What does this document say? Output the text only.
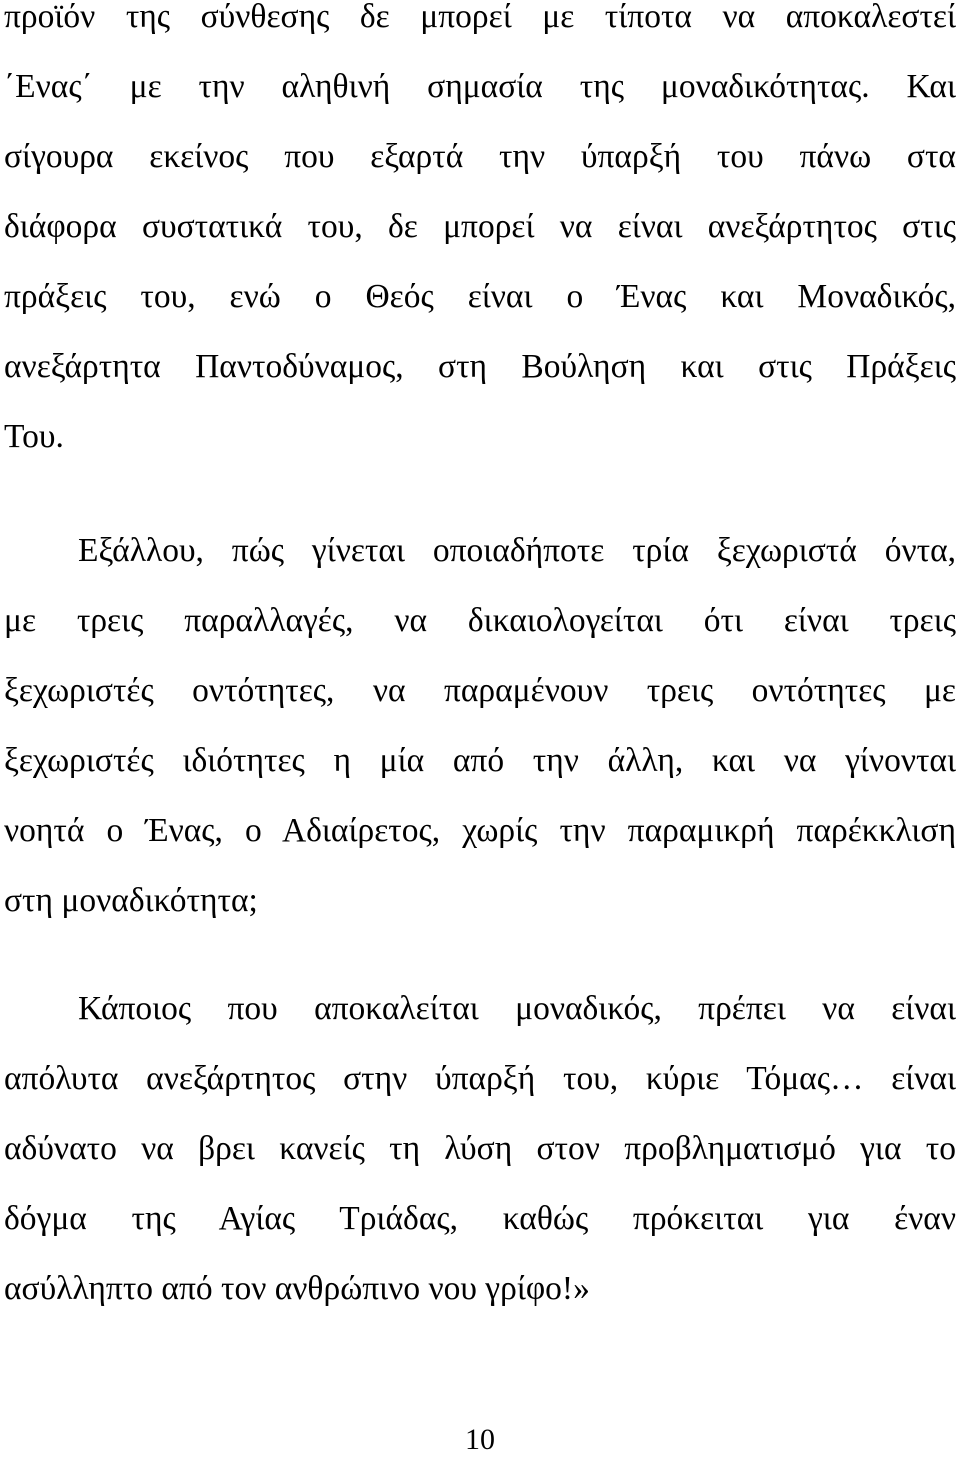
προϊόν της σύνθεσης δε μπορεί με τίποτα να αποκαλεστεί
΄Ενας΄ με την αληθινή σημασία της μοναδικότητας. Και
σίγουρα εκείνος που εξαρτά την ύπαρξή του πάνω στα
διάφορα συστατικά του, δε μπορεί να είναι ανεξάρτητος στις
πράξεις του, ενώ ο Θεός είναι ο Ένας και Μοναδικός,
ανεξάρτητα Παντοδύναμος, στη Βούληση και στις Πράξεις
Του.
Εξάλλου, πώς γίνεται οποιαδήποτε τρία ξεχωριστά όντα,
με τρεις παραλλαγές, να δικαιολογείται ότι είναι τρεις
ξεχωριστές οντότητες, να παραμένουν τρεις οντότητες με
ξεχωριστές ιδιότητες η μία από την άλλη, και να γίνονται
νοητά ο Ένας, ο Αδιαίρετος, χωρίς την παραμικρή παρέκκλιση
στη μοναδικότητα;
Κάποιος που αποκαλείται μοναδικός, πρέπει να είναι
απόλυτα ανεξάρτητος στην ύπαρξή του, κύριε Τόμας… είναι
αδύνατο να βρει κανείς τη λύση στον προβληματισμό για το
δόγμα της Αγίας Τριάδας, καθώς πρόκειται για έναν
ασύλληπτο από τον ανθρώπινο νου γρίφο!»
10
